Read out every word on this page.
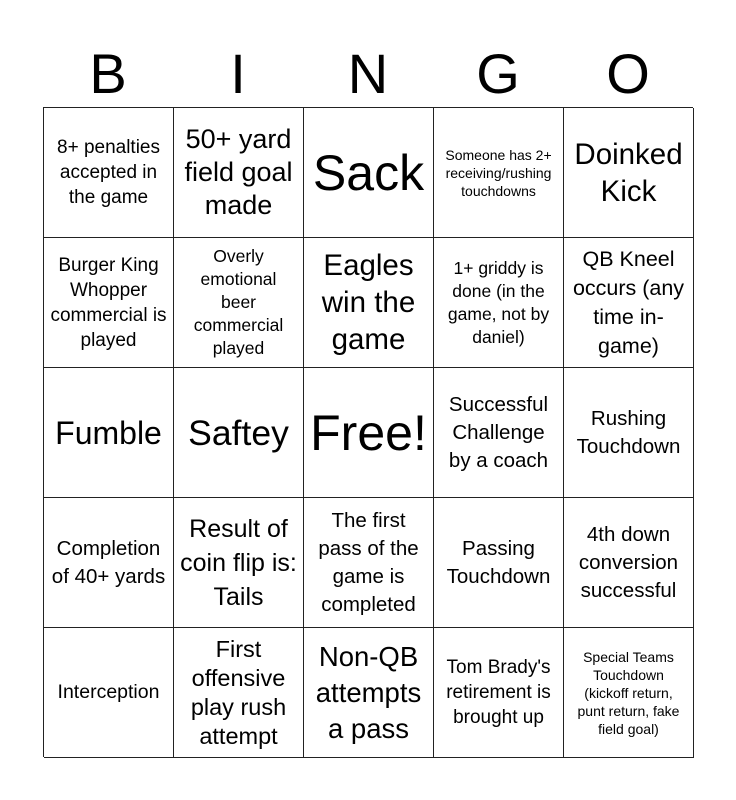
B	I	N	G	O
8+ penalties accepted in the game
50+ yard field goal made
Sack	Someone has 2+ receiving/rushing touchdowns
Doinked Kick
Burger King Whopper commercial is played
Overly emotional beer commercial played
Eagles win the game
1+ griddy is done (in the game, not by daniel)
QB Kneel occurs (any time in-game)
Fumble Saftey Free!
Successful Challenge by a coach
Rushing Touchdown
Completion of 40+ yards
Result of coin flip is: Tails
The first pass of the game is completed
Passing Touchdown
4th down conversion successful
Interception
First offensive play rush attempt
Non-QB attempts a pass
Tom Brady's retirement is brought up
Special Teams Touchdown (kickoff return, punt return, fake field goal)
